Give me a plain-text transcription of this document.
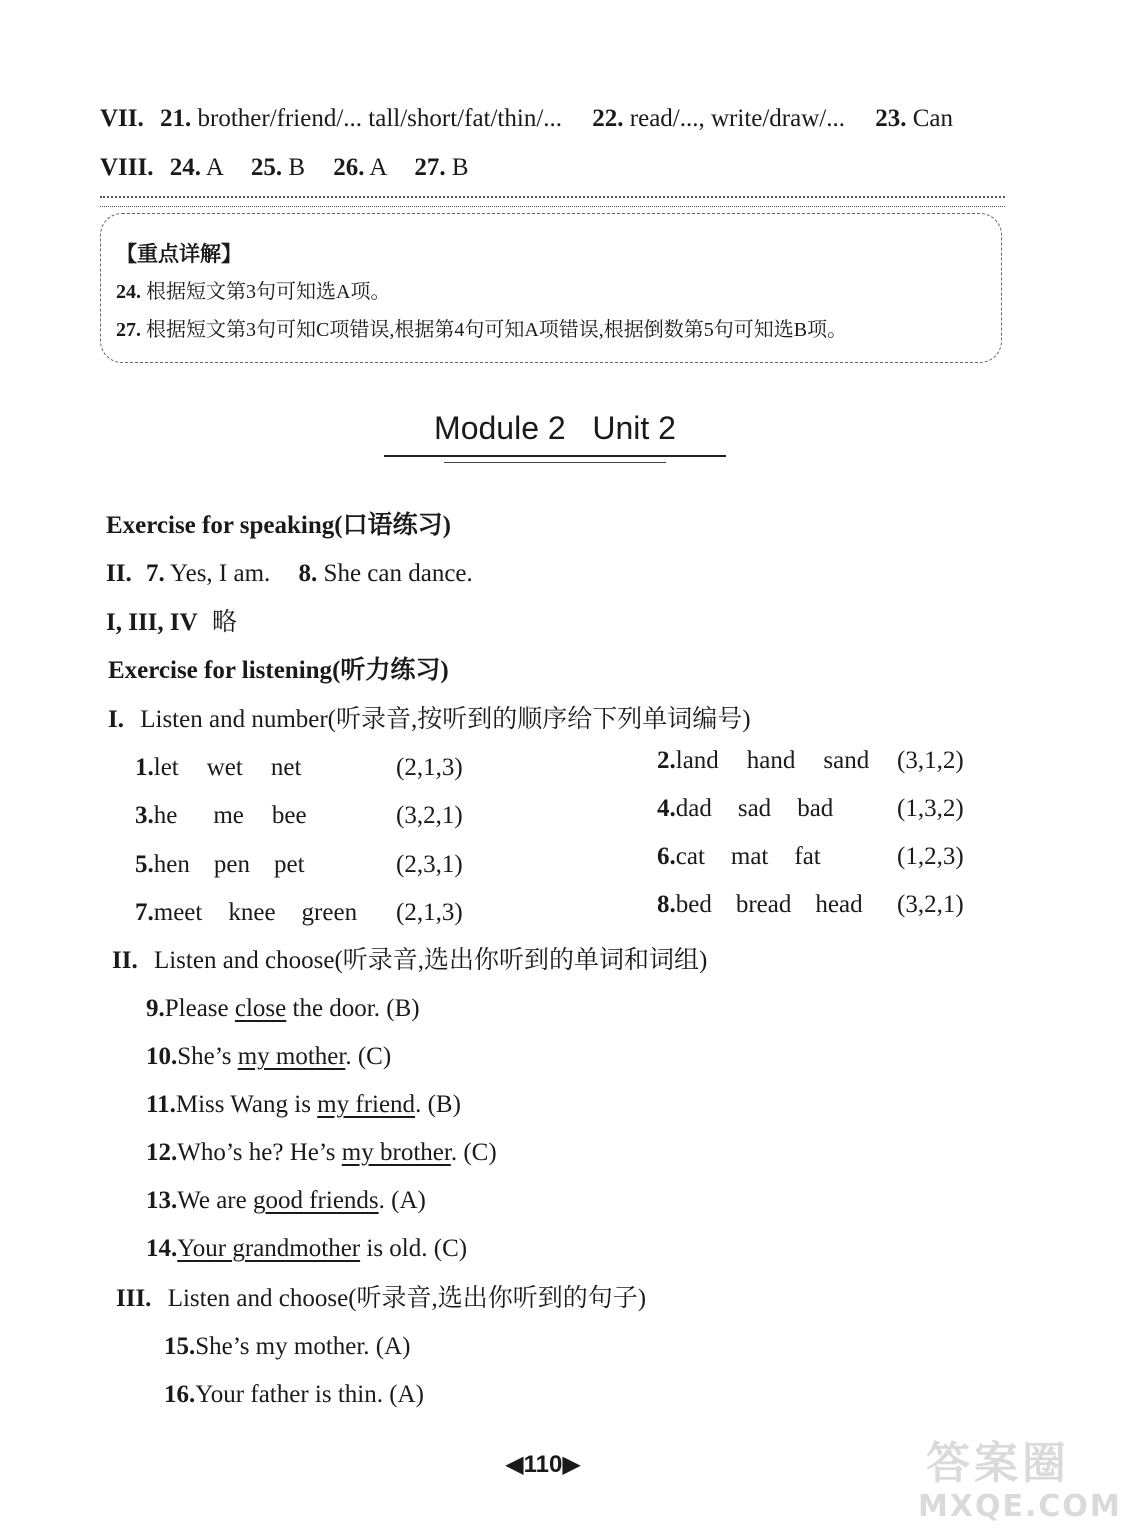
VII. 21. brother/friend/... tall/short/fat/thin/... 22. read/..., write/draw/... 23. Can
VIII. 24. A 25. B 26. A 27. B
【重点详解】
24. 根据短文第3句可知选A项。
27. 根据短文第3句可知C项错误,根据第4句可知A项错误,根据倒数第5句可知选B项。
Module 2   Unit 2
Exercise for speaking(口语练习)
II. 7. Yes, I am. 8. She can dance.
I, III, IV 略
Exercise for listening(听力练习)
I. Listen and number(听录音,按听到的顺序给下列单词编号)
1.let wet net	(2,1,3)
3.he me bee	(3,2,1)
5.hen pen pet	(2,3,1)
7.meet knee green (2,1,3)
2.land hand sand (3,1,2)
4.dad sad bad	(1,3,2)
6.cat mat fat	(1,2,3)
8.bed bread head (3,2,1)
II. Listen and choose(听录音,选出你听到的单词和词组)
9.Please close the door. (B)
10.She’s my mother. (C)
11.Miss Wang is my friend. (B)
12.Who’s he? He’s my brother. (C)
13.We are good friends. (A)
14.Your grandmother is old. (C)
III. Listen and choose(听录音,选出你听到的句子)
15.She’s my mother. (A)
16.Your father is thin. (A)
◀110▶	答案圈
MXQE.COM
